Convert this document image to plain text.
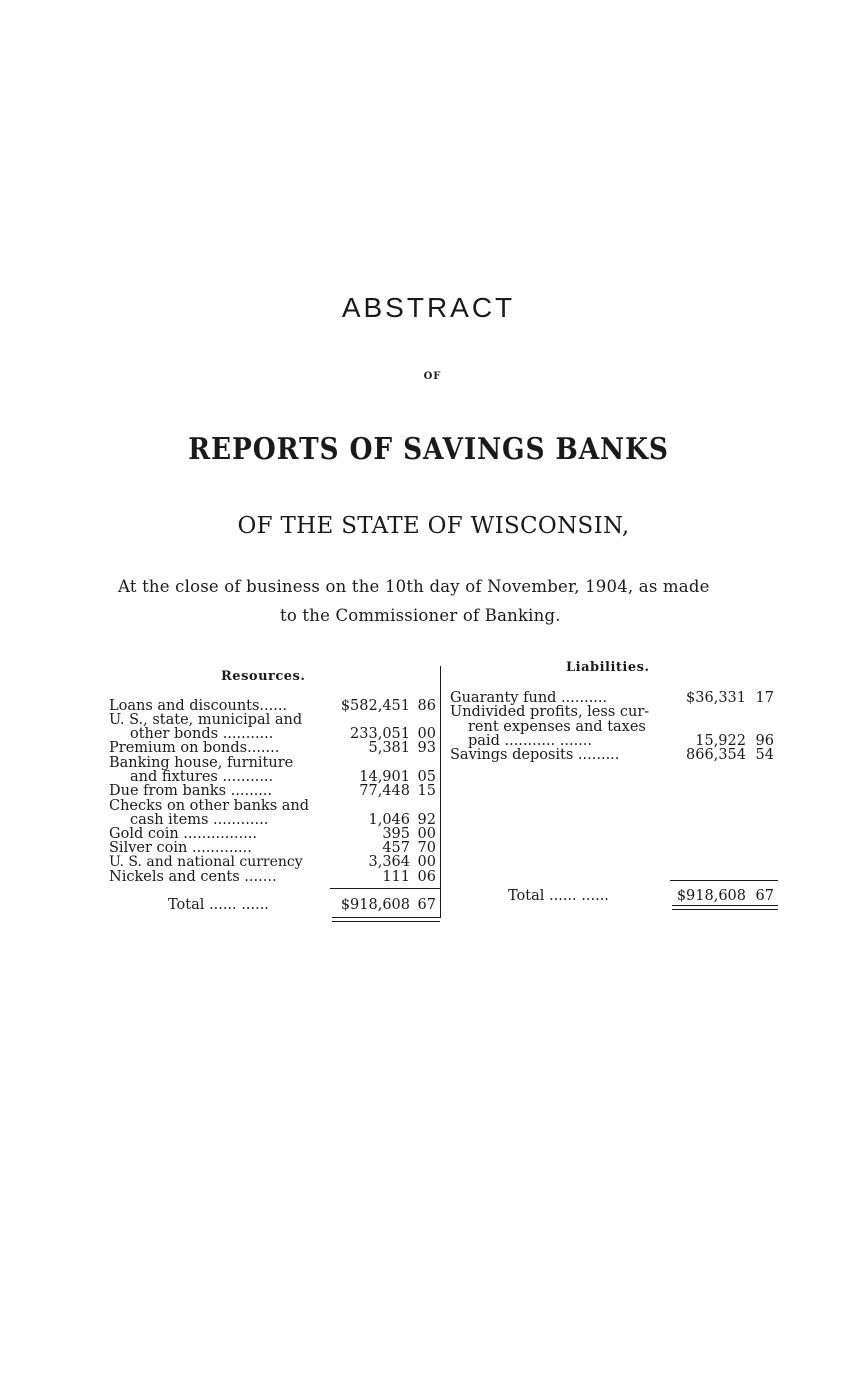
ABSTRACT
OF
REPORTS OF SAVINGS BANKS
OF THE STATE OF WISCONSIN,
At the close of business on the 10th day of November, 1904, as made
to the Commissioner of Banking.
Resources.
Liabilities.
Loans and discounts......	$582,451 86
U. S., state, municipal and
other bonds ...........	233,051 00
Premium on bonds.......	5,381 93
Banking house, furniture
and fixtures ...........	14,901 05
Due from banks .........	77,448 15
Checks on other banks and
cash items ............	1,046 92
Gold coin ................	395 00
Silver coin .............	457 70
U. S. and national currency	3,364 00
Nickels and cents .......	111 06
Total ...... ......	$918,608 67
Guaranty fund ..........	$36,331 17
Undivided profits, less cur-
rent expenses and taxes
paid ........... .......	15,922 96
Savings deposits .........	866,354 54
Total ...... ......	$918,608 67
